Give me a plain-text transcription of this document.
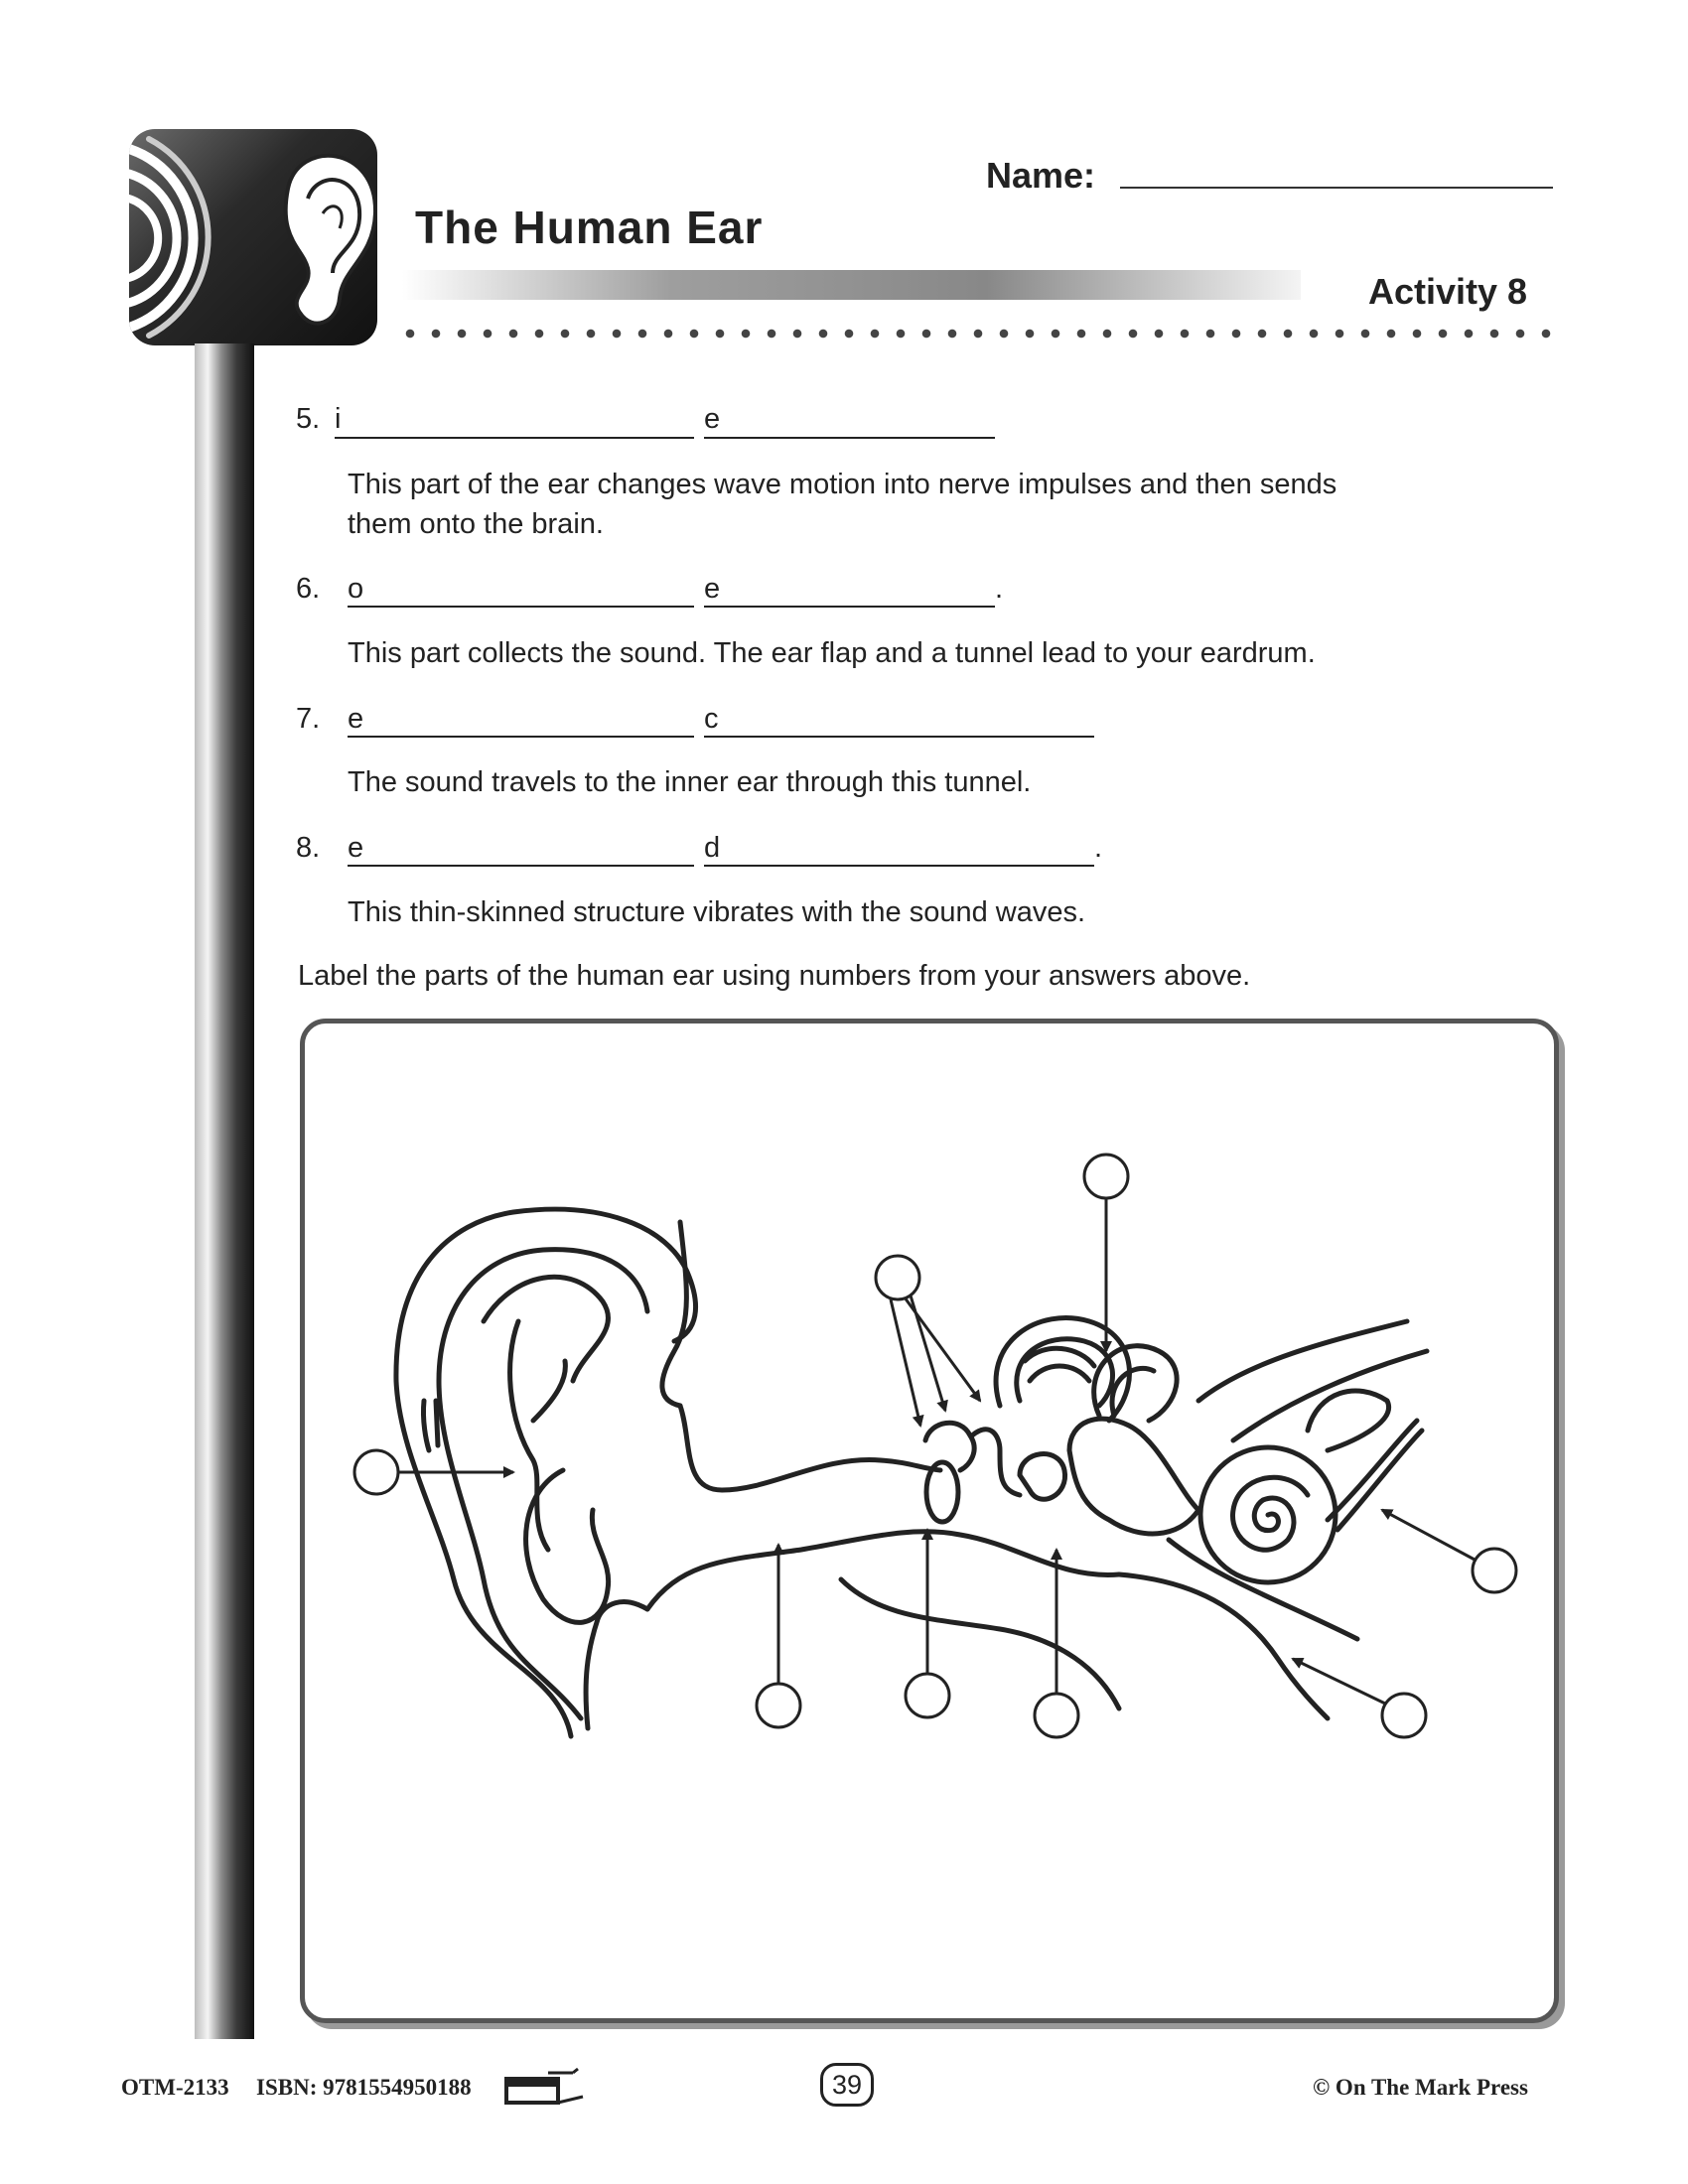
Name:
The Human Ear
Activity 8
5. i	e
This part of the ear changes wave motion into nerve impulses and then sends
them onto the brain.
6. o	e	.
This part collects the sound. The ear flap and a tunnel lead to your eardrum.
7. e	c
The sound travels to the inner ear through this tunnel.
8. e	d	.
This thin-skinned structure vibrates with the sound waves.
Label the parts of the human ear using numbers from your answers above.
OTM-2133 ISBN: 9781554950188	39	© On The Mark Press
